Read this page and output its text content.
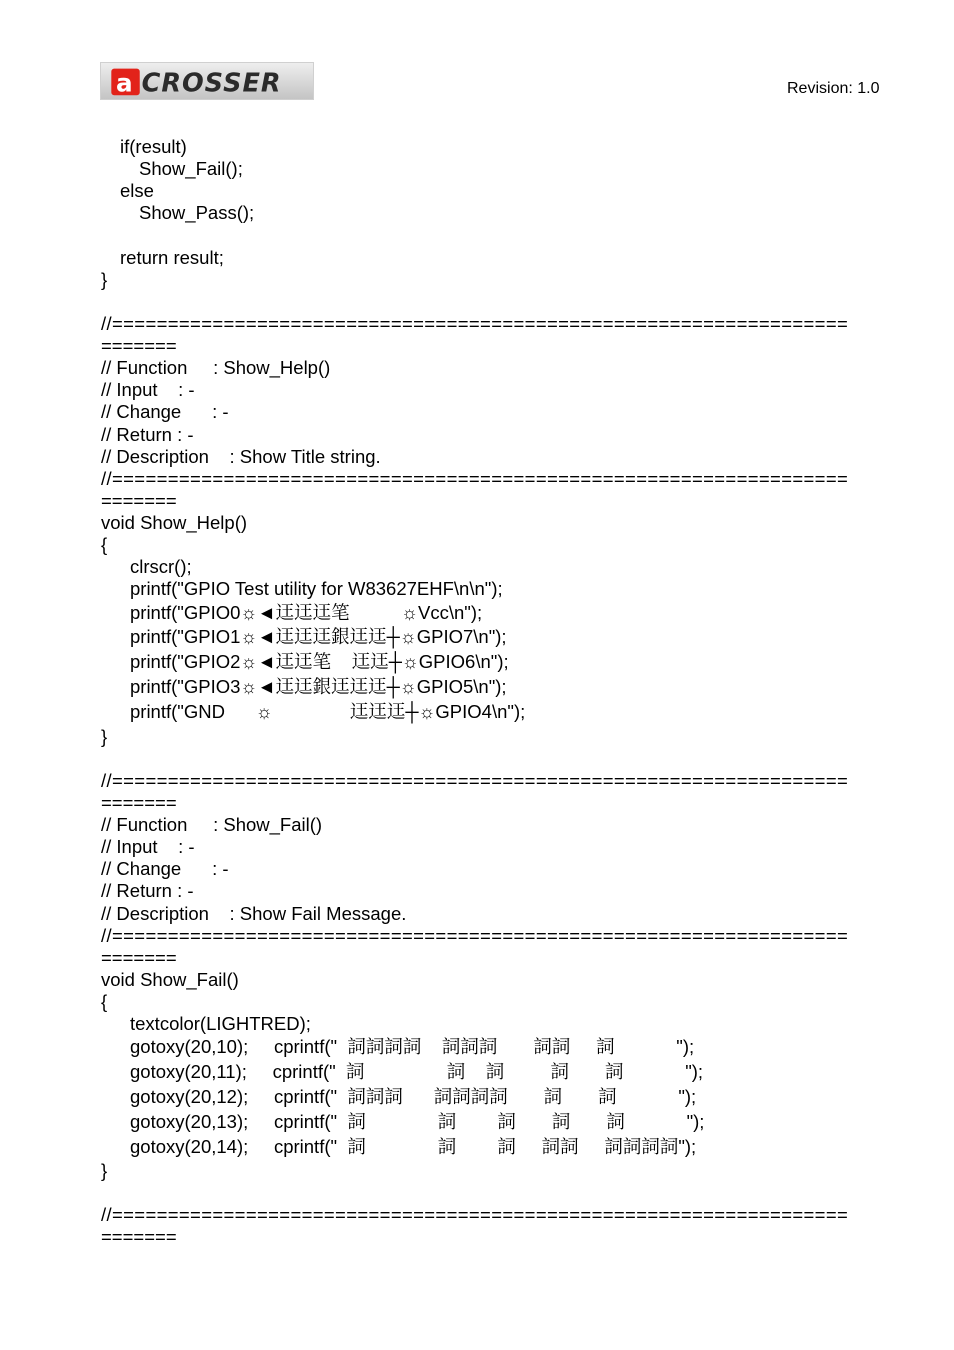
a CROSSER	Revision: 1.0
if(result)
Show_Fail();
else
Show_Pass();
return result;
}
//==================================================================
=======
// Function     : Show_Help()
// Input    : -
// Change      : -
// Return : -
// Description    : Show Title string.
//==================================================================
=======
void Show_Help()
{
clrscr();
printf("GPIO Test utility for W83627EHF\n\n");
printf("GPIO0☼◄迋迋迋笔          ☼Vcc\n");
printf("GPIO1☼◄迋迋迋銀迋迋┼☼GPIO7\n");
printf("GPIO2☼◄迋迋笔    迋迋┼☼GPIO6\n");
printf("GPIO3☼◄迋迋銀迋迋迋┼☼GPIO5\n");
printf("GND      ☼               迋迋迋┼☼GPIO4\n");
}
//==================================================================
=======
// Function     : Show_Fail()
// Input    : -
// Change      : -
// Return : -
// Description    : Show Fail Message.
//==================================================================
=======
void Show_Fail()
{
textcolor(LIGHTRED);
gotoxy(20,10);     cprintf("  詞詞詞詞    詞詞詞       詞詞     詞            ");
gotoxy(20,11);     cprintf("  詞                詞    詞         詞       詞            ");
gotoxy(20,12);     cprintf("  詞詞詞      詞詞詞詞       詞       詞            ");
gotoxy(20,13);     cprintf("  詞              詞        詞       詞       詞            ");
gotoxy(20,14);     cprintf("  詞              詞        詞     詞詞     詞詞詞詞");
}
//==================================================================
=======
